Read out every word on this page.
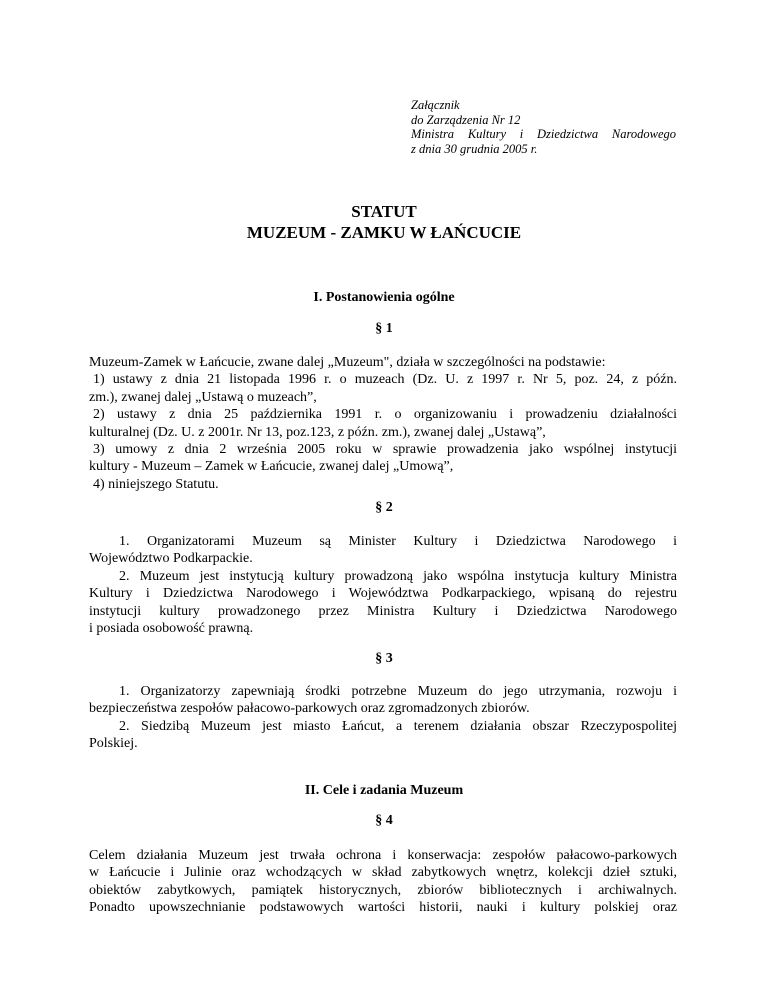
Załącznik
do Zarządzenia Nr 12
Ministra Kultury i Dziedzictwa Narodowego
z dnia 30 grudnia 2005 r.
STATUT
MUZEUM - ZAMKU W ŁAŃCUCIE
I. Postanowienia ogólne
§ 1
Muzeum-Zamek w Łańcucie, zwane dalej „Muzeum", działa w szczególności na podstawie:
1) ustawy z dnia 21 listopada 1996 r. o muzeach (Dz. U. z 1997 r. Nr 5, poz. 24, z późn.
zm.), zwanej dalej „Ustawą o muzeach”,
2) ustawy z dnia 25 października 1991 r. o organizowaniu i prowadzeniu działalności
kulturalnej (Dz. U. z 2001r. Nr 13, poz.123, z późn. zm.), zwanej dalej „Ustawą”,
3) umowy z dnia 2 września 2005 roku w sprawie prowadzenia jako wspólnej instytucji
kultury - Muzeum – Zamek w Łańcucie, zwanej dalej „Umową”,
4) niniejszego Statutu.
§ 2
1. Organizatorami Muzeum są Minister Kultury i Dziedzictwa Narodowego i
Województwo Podkarpackie.
2. Muzeum jest instytucją kultury prowadzoną jako wspólna instytucja kultury Ministra
Kultury i Dziedzictwa Narodowego i Województwa Podkarpackiego, wpisaną do rejestru
instytucji kultury prowadzonego przez Ministra Kultury i Dziedzictwa Narodowego
i posiada osobowość prawną.
§ 3
1. Organizatorzy zapewniają środki potrzebne Muzeum do jego utrzymania, rozwoju i
bezpieczeństwa zespołów pałacowo-parkowych oraz zgromadzonych zbiorów.
2. Siedzibą Muzeum jest miasto Łańcut, a terenem działania obszar Rzeczypospolitej
Polskiej.
II. Cele i zadania Muzeum
§ 4
Celem działania Muzeum jest trwała ochrona i konserwacja: zespołów pałacowo-parkowych
w Łańcucie i Julinie oraz wchodzących w skład zabytkowych wnętrz, kolekcji dzieł sztuki,
obiektów zabytkowych, pamiątek historycznych, zbiorów bibliotecznych i archiwalnych.
Ponadto upowszechnianie podstawowych wartości historii, nauki i kultury polskiej oraz
